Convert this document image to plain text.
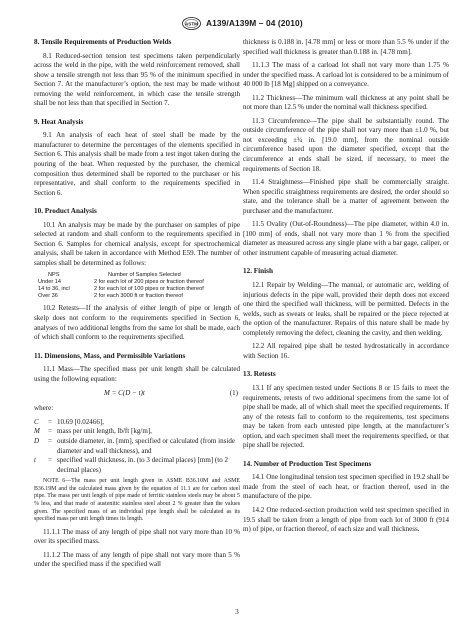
ASTM A139/A139M – 04 (2010)
8. Tensile Requirements of Production Welds
8.1 Reduced-section tension test specimens taken perpendicularly across the weld in the pipe, with the weld reinforcement removed, shall show a tensile strength not less than 95 % of the minimum specified in Section 7. At the manufacturer’s option, the test may be made without removing the weld reinforcement, in which case the tensile strength shall be not less than that specified in Section 7.
9. Heat Analysis
9.1 An analysis of each heat of steel shall be made by the manufacturer to determine the percentages of the elements specified in Section 6. This analysis shall be made from a test ingot taken during the pouring of the heat. When requested by the purchaser, the chemical composition thus determined shall be reported to the purchaser or his representative, and shall conform to the requirements specified in Section 6.
10. Product Analysis
10.1 An analysis may be made by the purchaser on samples of pipe selected at random and shall conform to the requirements specified in Section 6. Samples for chemical analysis, except for spectrochemical analysis, shall be taken in accordance with Method E59. The number of samples shall be determined as follows:
NPS	Number of Samples Selected
Under 14	2 for each lot of 200 pipes or fraction thereof
14 to 36, incl	2 for each lot of 100 pipes or fraction thereof
Over 36	2 for each 3000 ft or fraction thereof
10.2 Retests—If the analysis of either length of pipe or length of skelp does not conform to the requirements specified in Section 6, analyses of two additional lengths from the same lot shall be made, each of which shall conform to the requirements specified.
11. Dimensions, Mass, and Permissible Variations
11.1 Mass—The specified mass per unit length shall be calculated using the following equation:
M = C(D − t)t	(1)
where:
C	= 10.69 [0.02466],
M	= mass per unit length, lb/ft [kg/m],
D	= outside diameter, in. [mm], specified or calculated (from inside diameter and wall thickness), and
t	= specified wall thickness, in. (to 3 decimal places) [mm] (to 2 decimal places)
NOTE 6—The mass per unit length given in ASME B36.10M and ASME B36.19M and the calculated mass given by the equation of 11.1 are for carbon steel pipe. The mass per unit length of pipe made of ferritic stainless steels may be about 5 % less, and that made of austenitic stainless steel about 2 % greater than the values given. The specified mass of an individual pipe length shall be calculated as its specified mass per unit length times its length.
11.1.1 The mass of any length of pipe shall not vary more than 10 % over its specified mass.
11.1.2 The mass of any length of pipe shall not vary more than 5 % under the specified mass if the specified wall
thickness is 0.188 in. [4.78 mm] or less or more than 5.5 % under if the specified wall thickness is greater than 0.188 in. [4.78 mm].
11.1.3 The mass of a carload lot shall not vary more than 1.75 % under the specified mass. A carload lot is considered to be a minimum of 40 000 lb [18 Mg] shipped on a conveyance.
11.2 Thickness—The minimum wall thickness at any point shall be not more than 12.5 % under the nominal wall thickness specified.
11.3 Circumference—The pipe shall be substantially round. The outside circumference of the pipe shall not vary more than ±1.0 %, but not exceeding ±¾ in. [19.0 mm], from the nominal outside circumference based upon the diameter specified, except that the circumference at ends shall be sized, if necessary, to meet the requirements of Section 18.
11.4 Straightness—Finished pipe shall be commercially straight. When specific straightness requirements are desired, the order should so state, and the tolerance shall be a matter of agreement between the purchaser and the manufacturer.
11.5 Ovality (Out-of-Roundness)—The pipe diameter, within 4.0 in. [100 mm] of ends, shall not vary more than 1 % from the specified diameter as measured across any single plane with a bar gage, caliper, or other instrument capable of measuring actual diameter.
12. Finish
12.1 Repair by Welding—The manual, or automatic arc, welding of injurious defects in the pipe wall, provided their depth does not exceed one third the specified wall thickness, will be permitted. Defects in the welds, such as sweats or leaks, shall be repaired or the piece rejected at the option of the manufacturer. Repairs of this nature shall be made by completely removing the defect, cleaning the cavity, and then welding.
12.2 All repaired pipe shall be tested hydrostatically in accordance with Section 16.
13. Retests
13.1 If any specimen tested under Sections 8 or 15 fails to meet the requirements, retests of two additional specimens from the same lot of pipe shall be made, all of which shall meet the specified requirements. If any of the retests fail to conform to the requirements, test specimens may be taken from each untested pipe length, at the manufacturer’s option, and each specimen shall meet the requirements specified, or that pipe shall be rejected.
14. Number of Production Test Specimens
14.1 One longitudinal tension test specimen specified in 19.2 shall be made from the steel of each heat, or fraction thereof, used in the manufacture of the pipe.
14.2 One reduced-section production weld test specimen specified in 19.5 shall be taken from a length of pipe from each lot of 3000 ft (914 m) of pipe, or fraction thereof, of each size and wall thickness.
3
